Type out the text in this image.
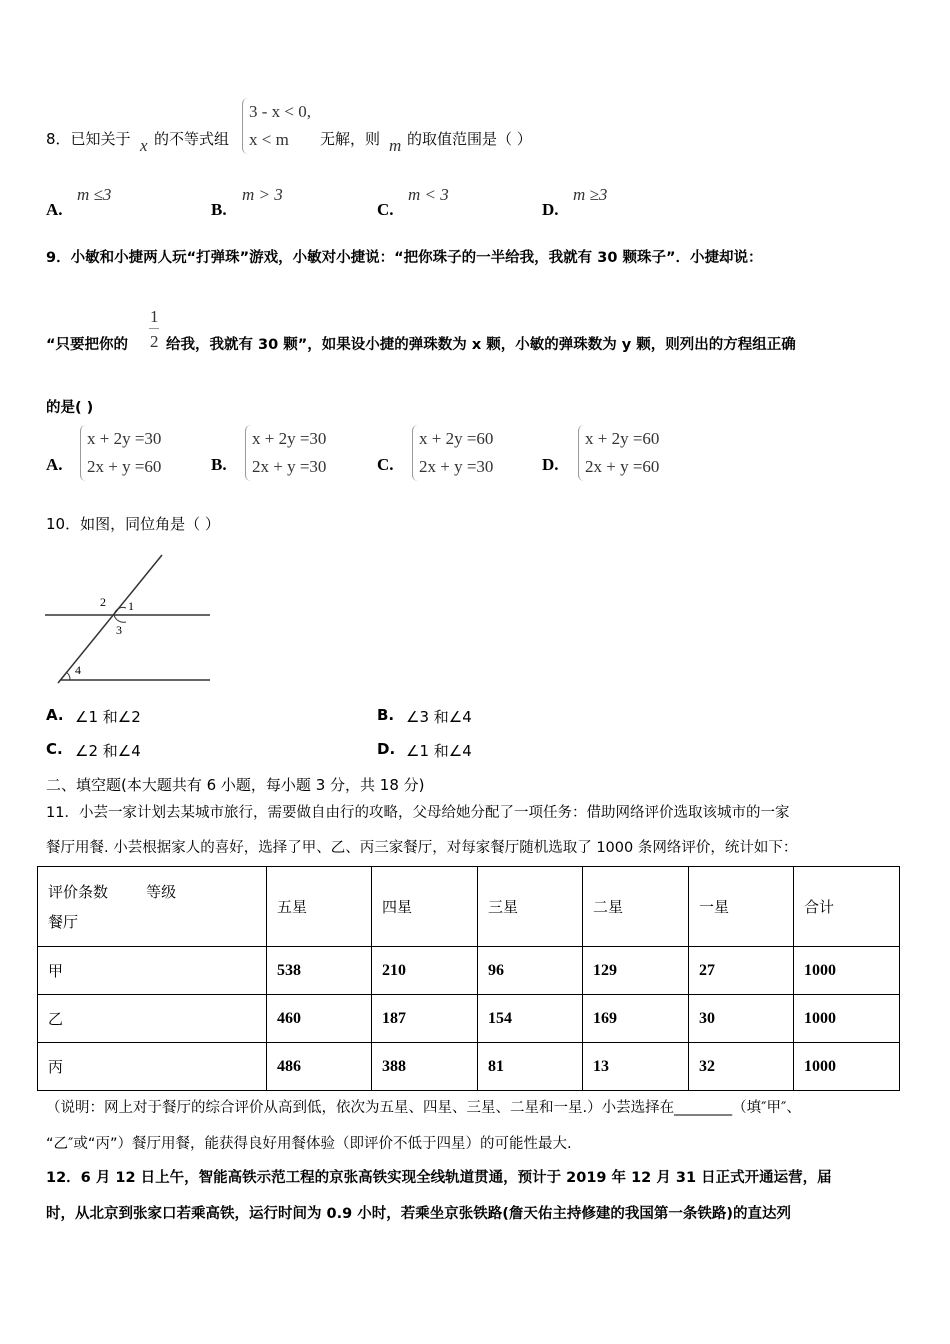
8．已知关于 x 的不等式组
3 - x < 0,
x < m	无解，则 m 的取值范围是（ ）
A.
m ≤3
B.
m > 3
C.
m < 3
D.
m ≥3
9．小敏和小捷两人玩“打弹珠”游戏，小敏对小捷说：“把你珠子的一半给我，我就有 30 颗珠子”．小捷却说：
“只要把你的
1
2 给我，我就有 30 颗”，如果设小捷的弹珠数为 x 颗，小敏的弹珠数为 y 颗，则列出的方程组正确
的是( )
A.
x + 2y =30
2x + y =60	B.
x + 2y =30
2x + y =30	C.
x + 2y =60
2x + y =30	D.
x + 2y =60
2x + y =60
10．如图，同位角是（ ）
1
2
3
4
A. ∠1 和∠2	B. ∠3 和∠4
C. ∠2 和∠4	D. ∠1 和∠4
二、填空题(本大题共有 6 小题，每小题 3 分，共 18 分)
11．小芸一家计划去某城市旅行，需要做自由行的攻略，父母给她分配了一项任务：借助网络评价选取该城市的一家
餐厅用餐. 小芸根据家人的喜好，选择了甲、乙、丙三家餐厅，对每家餐厅随机选取了 1000 条网络评价，统计如下：
评价条数        等级
餐厅	五星	四星	三星	二星	一星	合计
甲	538	210	96	129	27	1000
乙	460	187	154	169	30	1000
丙	486	388	81	13	32	1000
（说明：网上对于餐厅的综合评价从高到低，依次为五星、四星、三星、二星和一星.）小芸选择在________（填″甲″、
“乙″或“丙”）餐厅用餐，能获得良好用餐体验（即评价不低于四星）的可能性最大.
12．6 月 12 日上午，智能高铁示范工程的京张高铁实现全线轨道贯通，预计于 2019 年 12 月 31 日正式开通运营，届
时，从北京到张家口若乘高铁，运行时间为 0.9 小时，若乘坐京张铁路(詹天佑主持修建的我国第一条铁路)的直达列
